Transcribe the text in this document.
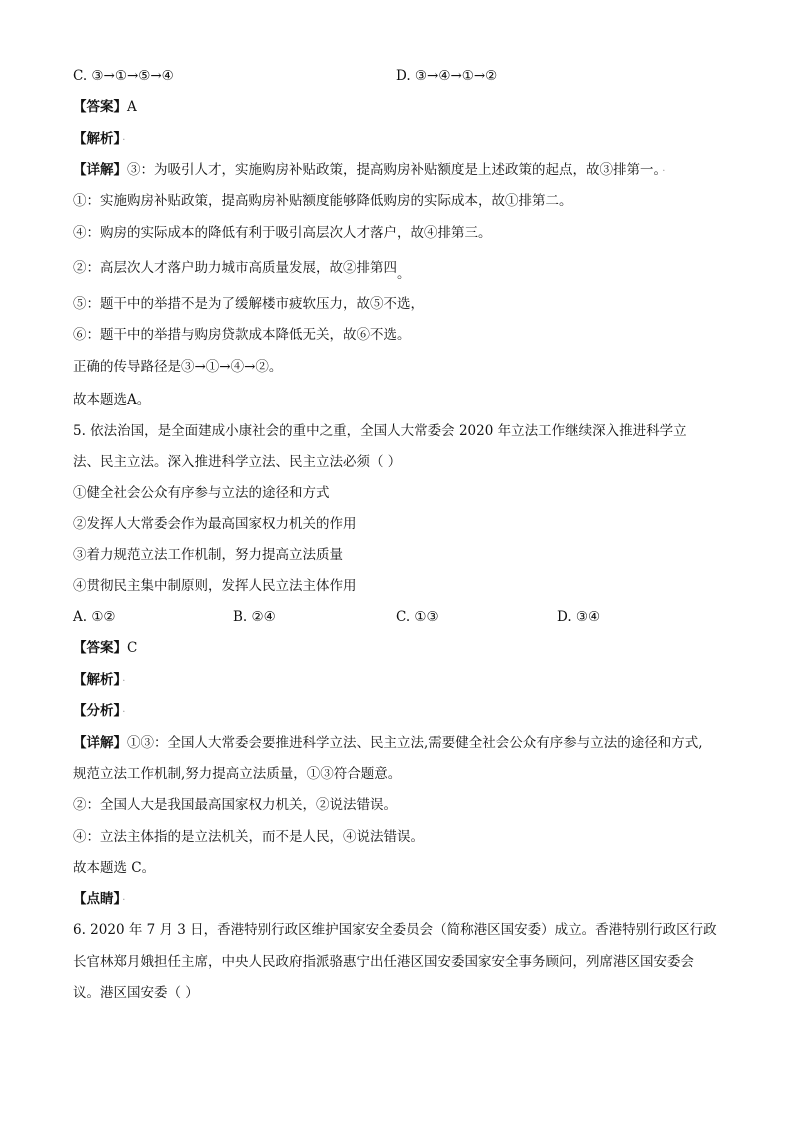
C. ③→①→⑤→④	D. ③→④→①→②
【答案】A
【解析】 ·
【详解】③：为吸引人才，实施购房补贴政策，提高购房补贴额度是上述政策的起点，故③排第一。 ·
①：实施购房补贴政策，提高购房补贴额度能够降低购房的实际成本，故①排第二。
④：购房的实际成本的降低有利于吸引高层次人才落户，故④排第三。
②：高层次人才落户助力城市高质量发展，故②排第四。
⑤：题干中的举措不是为了缓解楼市疲软压力，故⑤不选，
⑥：题干中的举措与购房贷款成本降低无关，故⑥不选。
正确的传导路径是③→①→④→②。
故本题选A。
5. 依法治国，是全面建成小康社会的重中之重，全国人大常委会 2020 年立法工作继续深入推进科学立
法、民主立法。深入推进科学立法、民主立法必须（ ）
①健全社会公众有序参与立法的途径和方式
②发挥人大常委会作为最高国家权力机关的作用
③着力规范立法工作机制，努力提高立法质量
④贯彻民主集中制原则，发挥人民立法主体作用
A. ①②	B. ②④	C. ①③	D. ③④
【答案】C
【解析】 ·
【分析】 ·
【详解】①③：全国人大常委会要推进科学立法、民主立法,需要健全社会公众有序参与立法的途径和方式,
规范立法工作机制,努力提高立法质量，①③符合题意。
②：全国人大是我国最高国家权力机关，②说法错误。
④：立法主体指的是立法机关，而不是人民，④说法错误。
故本题选 C。
【点睛】 ·
6. 2020 年 7 月 3 日，香港特别行政区维护国家安全委员会（简称港区国安委）成立。香港特别行政区行政
长官林郑月娥担任主席，中央人民政府指派骆惠宁出任港区国安委国家安全事务顾问，列席港区国安委会
议。港区国安委（ ）
